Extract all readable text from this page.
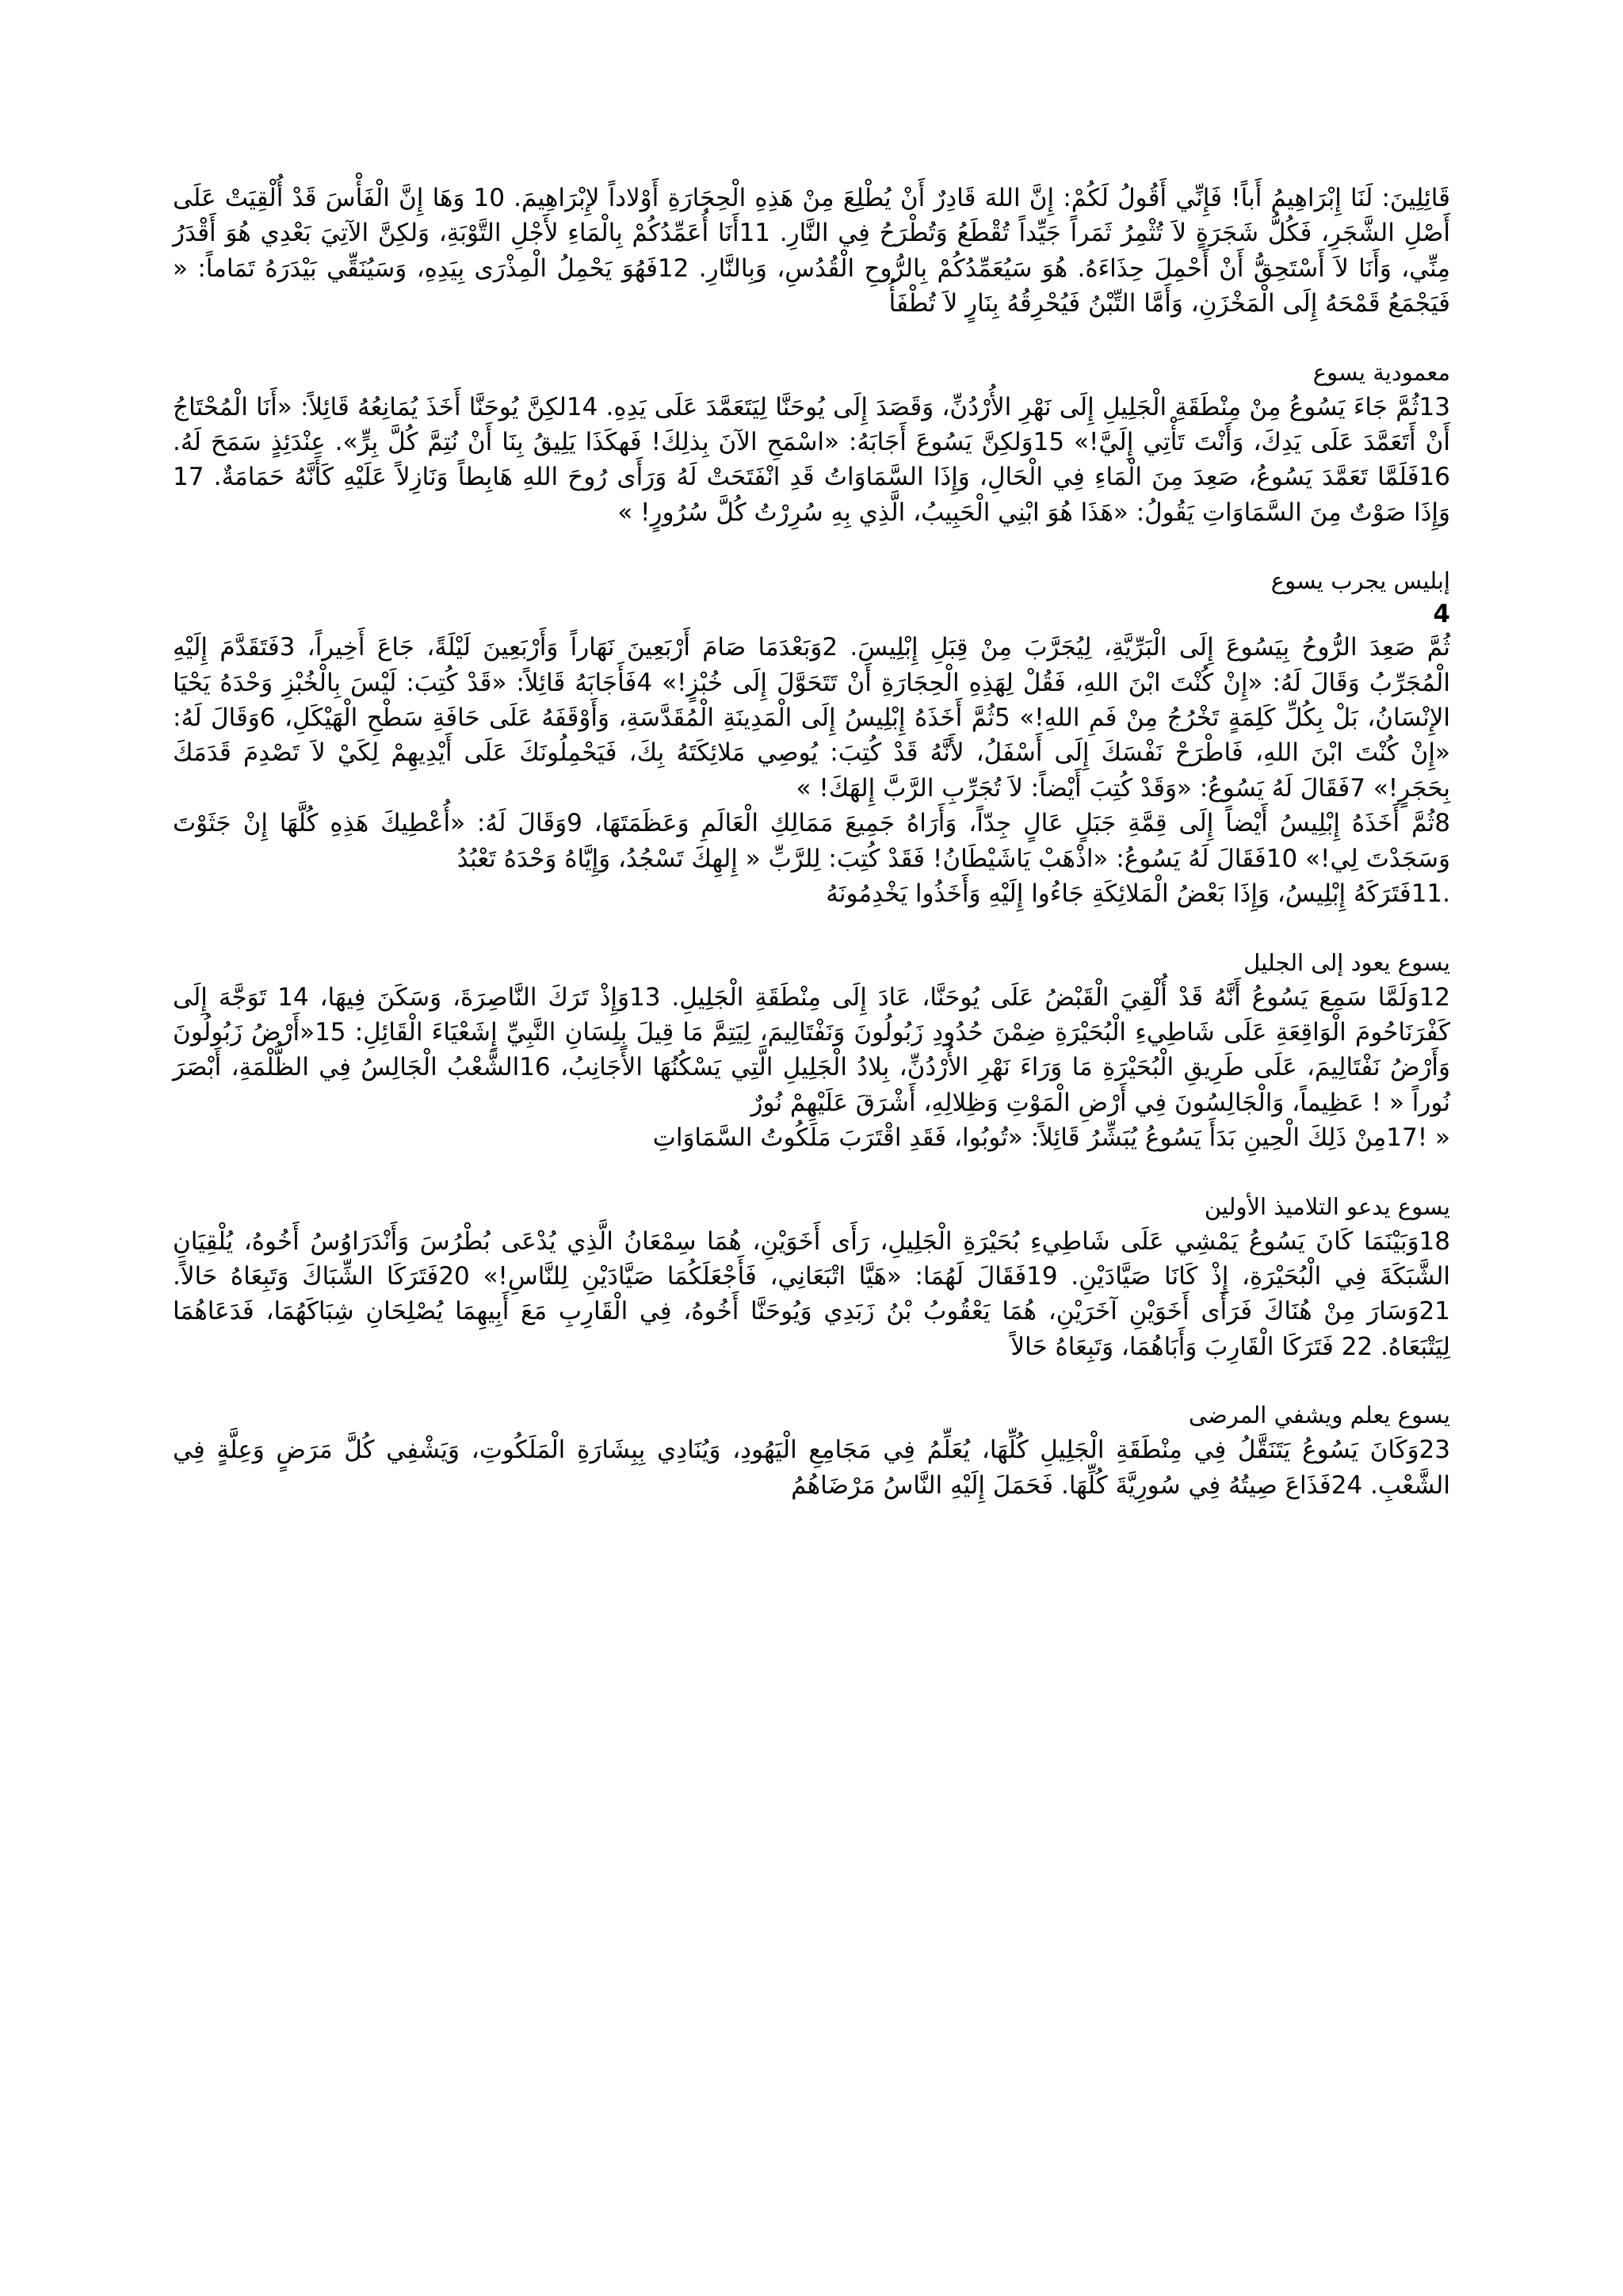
قَائِلِينَ: لَنَا إِبْرَاهِيمُ أَباً! فَإِنِّي أَقُولُ لَكُمْ: إِنَّ اللهَ قَادِرٌ أَنْ يُطْلِعَ مِنْ هَذِهِ الْحِجَارَةِ أَوْلاداً لإِبْرَاهِيمَ. 10 وَهَا إِنَّ الْفَأْسَ قَدْ أُلْقِيَتْ عَلَى أَصْلِ الشَّجَرِ، فَكُلُّ شَجَرَةٍ لاَ تُثْمِرُ ثَمَراً جَيِّداً تُقْطَعُ وَتُطْرَحُ فِي النَّارِ. 11أَنَا أُعَمِّدُكُمْ بِالْمَاءِ لأَجْلِ التَّوْبَةِ، وَلكِنَّ الآتِيَ بَعْدِي هُوَ أَقْدَرُ مِنِّي، وَأَنَا لاَ أَسْتَحِقُّ أَنْ أَحْمِلَ حِذَاءَهُ. هُوَ سَيُعَمِّدُكُمْ بِالرُّوحِ الْقُدُسِ، وَبِالنَّارِ. 12فَهُوَ يَحْمِلُ الْمِذْرَى بِيَدِهِ، وَسَيُنَقِّي بَيْدَرَهُ تَمَاماً: « فَيَجْمَعُ قَمْحَهُ إِلَى الْمَخْزَنِ، وَأَمَّا التِّبْنُ فَيُحْرِقُهُ بِنَارٍ لاَ تُطْفَأُ

معمودية يسوع

13ثُمَّ جَاءَ يَسُوعُ مِنْ مِنْطَقَةِ الْجَلِيلِ إِلَى نَهْرِ الأُرْدُنِّ، وَقَصَدَ إِلَى يُوحَنَّا لِيَتَعَمَّدَ عَلَى يَدِهِ. 14لكِنَّ يُوحَنَّا أَخَذَ يُمَانِعُهُ قَائِلاً: «أَنَا الْمُحْتَاجُ أَنْ أَتَعَمَّدَ عَلَى يَدِكَ، وَأَنْتَ تَأْتِي إِلَيَّ!» 15وَلكِنَّ يَسُوعَ أَجَابَهُ: «اسْمَحِ الآنَ بِذلِكَ! فَهكَذَا يَلِيقُ بِنَا أَنْ نُتِمَّ كُلَّ بِرٍّ». عِنْدَئِذٍ سَمَحَ لَهُ. 16فَلَمَّا تَعَمَّدَ يَسُوعُ، صَعِدَ مِنَ الْمَاءِ فِي الْحَالِ، وَإِذَا السَّمَاوَاتُ قَدِ انْفَتَحَتْ لَهُ وَرَأَى رُوحَ اللهِ هَابِطاً وَنَازِلاً عَلَيْهِ كَأَنَّهُ حَمَامَةٌ. 17 وَإِذَا صَوْتٌ مِنَ السَّمَاوَاتِ يَقُولُ: «هَذَا هُوَ ابْنِي الْحَبِيبُ، الَّذِي بِهِ سُرِرْتُ كُلَّ سُرُورٍ! »

إبليس يجرب يسوع

4

ثُمَّ صَعِدَ الرُّوحُ بِيَسُوعَ إِلَى الْبَرِّيَّةِ، لِيُجَرَّبَ مِنْ قِبَلِ إِبْلِيسَ. 2وَبَعْدَمَا صَامَ أَرْبَعِينَ نَهَاراً وَأَرْبَعِينَ لَيْلَةً، جَاعَ أَخِيراً، 3فَتَقَدَّمَ إِلَيْهِ الْمُجَرِّبُ وَقَالَ لَهُ: «إِنْ كُنْتَ ابْنَ اللهِ، فَقُلْ لِهَذِهِ الْحِجَارَةِ أَنْ تَتَحَوَّلَ إِلَى خُبْزٍ!» 4فَأَجَابَهُ قَائِلاً: «قَدْ كُتِبَ: لَيْسَ بِالْخُبْزِ وَحْدَهُ يَحْيَا الإِنْسَانُ، بَلْ بِكُلِّ كَلِمَةٍ تَخْرُجُ مِنْ فَمِ اللهِ!» 5ثُمَّ أَخَذَهُ إِبْلِيسُ إِلَى الْمَدِينَةِ الْمُقَدَّسَةِ، وَأَوْقَفَهُ عَلَى حَافَةِ سَطْحِ الْهَيْكَلِ، 6وَقَالَ لَهُ: «إِنْ كُنْتَ ابْنَ اللهِ، فَاطْرَحْ نَفْسَكَ إِلَى أَسْفَلُ، لأَنَّهُ قَدْ كُتِبَ: يُوصِي مَلائِكَتَهُ بِكَ، فَيَحْمِلُونَكَ عَلَى أَيْدِيهِمْ لِكَيْ لاَ تَصْدِمَ قَدَمَكَ بِحَجَرٍ!» 7فَقَالَ لَهُ يَسُوعُ: «وَقَدْ كُتِبَ أَيْضاً: لاَ تُجَرِّبِ الرَّبَّ إِلهَكَ! »

8ثُمَّ أَخَذَهُ إِبْلِيسُ أَيْضاً إِلَى قِمَّةِ جَبَلٍ عَالٍ جِدّاً، وَأَرَاهُ جَمِيعَ مَمَالِكِ الْعَالَمِ وَعَظَمَتَهَا، 9وَقَالَ لَهُ: «أُعْطِيكَ هَذِهِ كُلَّهَا إِنْ جَثَوْتَ وَسَجَدْتَ لِي!» 10فَقَالَ لَهُ يَسُوعُ: «اذْهَبْ يَاشَيْطَانُ! فَقَدْ كُتِبَ: لِلرَّبِّ « إِلهِكَ تَسْجُدُ، وَإِيَّاهُ وَحْدَهُ تَعْبُدُ

.11فَتَرَكَهُ إِبْلِيسُ، وَإِذَا بَعْضُ الْمَلائِكَةِ جَاءُوا إِلَيْهِ وَأَخَذُوا يَخْدِمُونَهُ

يسوع يعود إلى الجليل

12وَلَمَّا سَمِعَ يَسُوعُ أَنَّهُ قَدْ أُلْقِيَ الْقَبْضُ عَلَى يُوحَنَّا، عَادَ إِلَى مِنْطَقَةِ الْجَلِيلِ. 13وَإِذْ تَرَكَ النَّاصِرَةَ، وَسَكَنَ فِيهَا، 14 تَوَجَّهَ إِلَى كَفْرَنَاحُومَ الْوَاقِعَةِ عَلَى شَاطِيءِ الْبُحَيْرَةِ ضِمْنَ حُدُودِ زَبُولُونَ وَنَفْتَالِيمَ، لِيَتِمَّ مَا قِيلَ بِلِسَانِ النَّبِيِّ إِشَعْيَاءَ الْقَائِلِ: 15«أَرْضُ زَبُولُونَ وَأَرْضُ نَفْتَالِيمَ، عَلَى طَرِيقِ الْبُحَيْرَةِ مَا وَرَاءَ نَهْرِ الأُرْدُنِّ، بِلادُ الْجَلِيلِ الَّتِي يَسْكُنُهَا الأَجَانِبُ، 16الشَّعْبُ الْجَالِسُ فِي الظُّلْمَةِ، أَبْصَرَ نُوراً « ! عَظِيماً، وَالْجَالِسُونَ فِي أَرْضِ الْمَوْتِ وَظِلالِهِ، أَشْرَقَ عَلَيْهِمْ نُورٌ

« !17مِنْ ذَلِكَ الْحِينِ بَدَأَ يَسُوعُ يُبَشِّرُ قَائِلاً: «تُوبُوا، فَقَدِ اقْتَرَبَ مَلَكُوتُ السَّمَاوَاتِ

يسوع يدعو التلاميذ الأولين

18وَبَيْنَمَا كَانَ يَسُوعُ يَمْشِي عَلَى شَاطِيءِ بُحَيْرَةِ الْجَلِيلِ، رَأَى أَخَوَيْنِ، هُمَا سِمْعَانُ الَّذِي يُدْعَى بُطْرُسَ وَأَنْدَرَاوُسُ أَخُوهُ، يُلْقِيَانِ الشَّبَكَةَ فِي الْبُحَيْرَةِ، إِذْ كَانَا صَيَّادَيْنِ. 19فَقَالَ لَهُمَا: «هَيَّا اتْبَعَانِي، فَأَجْعَلَكُمَا صَيَّادَيْنِ لِلنَّاسِ!» 20فَتَرَكَا الشِّبَاكَ وَتَبِعَاهُ حَالاً. 21وَسَارَ مِنْ هُنَاكَ فَرَأَى أَخَوَيْنِ آخَرَيْنِ، هُمَا يَعْقُوبُ بْنُ زَبَدِي وَيُوحَنَّا أَخُوهُ، فِي الْقَارِبِ مَعَ أَبِيهِمَا يُصْلِحَانِ شِبَاكَهُمَا، فَدَعَاهُمَا لِيَتْبَعَاهُ. 22 فَتَرَكَا الْقَارِبَ وَأَبَاهُمَا، وَتَبِعَاهُ حَالاً

يسوع يعلم ويشفي المرضى

23وَكَانَ يَسُوعُ يَتَنَقَّلُ فِي مِنْطَقَةِ الْجَلِيلِ كُلِّهَا، يُعَلِّمُ فِي مَجَامِعِ الْيَهُودِ، وَيُنَادِي بِبِشَارَةِ الْمَلَكُوتِ، وَيَشْفِي كُلَّ مَرَضٍ وَعِلَّةٍ فِي الشَّعْبِ. 24فَذَاعَ صِيتُهُ فِي سُورِيَّةَ كُلِّهَا. فَحَمَلَ إِلَيْهِ النَّاسُ مَرْضَاهُمُ
